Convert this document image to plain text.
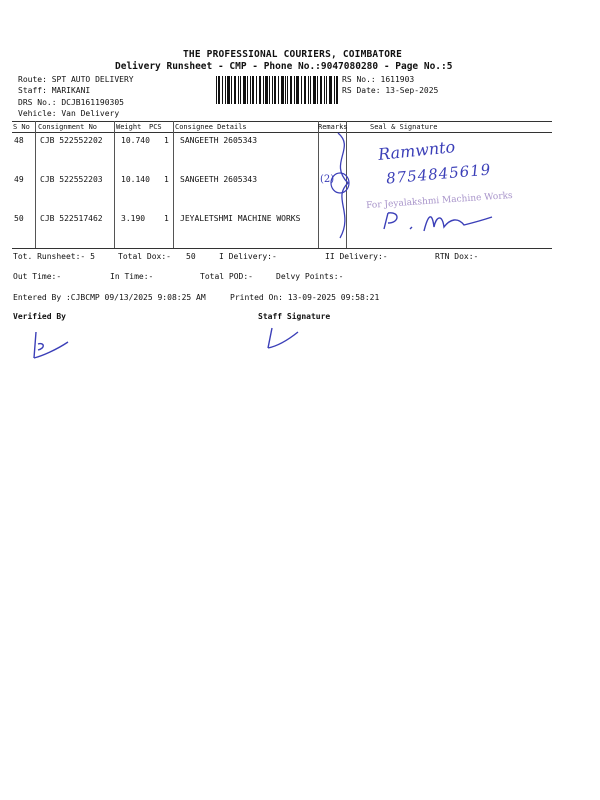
THE PROFESSIONAL COURIERS, COIMBATORE
Delivery Runsheet - CMP - Phone No.:9047080280 - Page No.:5
Route: SPT AUTO DELIVERY
Staff: MARIKANI
DRS No.: DCJB161190305
Vehicle: Van Delivery
RS No.: 1611903
RS Date: 13-Sep-2025
S No Consignment No	Weight PCS Consignee Details	Remarks	Seal & Signature
48 CJB 522552202 10.740 1 SANGEETH 2605343
49 CJB 522552203 10.140 1 SANGEETH 2605343
50 CJB 522517462 3.190 1 JEYALETSHMI MACHINE WORKS
(2)
Ramwnto
8754845619
For Jeyalakshmi Machine Works
Tot. Runsheet:- 5	Total Dox:- 50	I Delivery:-	II Delivery:-	RTN Dox:-
Out Time:-	In Time:-	Total POD:-	Delvy Points:-
Entered By :CJBCMP 09/13/2025 9:08:25 AM	Printed On: 13-09-2025 09:58:21
Verified By	Staff Signature
